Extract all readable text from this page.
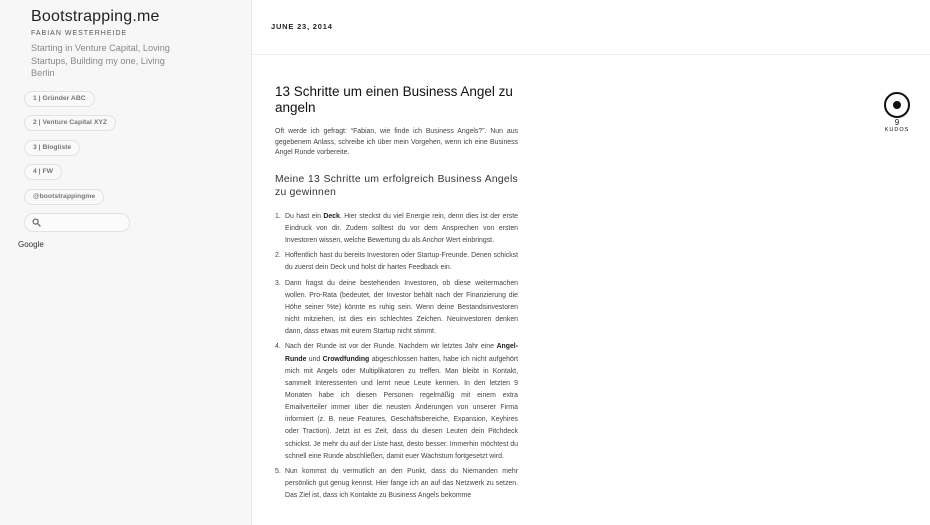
Bootstrapping.me
FABIAN WESTERHEIDE
Starting in Venture Capital, Loving Startups, Building my one, Living Berlin
1 | Gründer ABC
2 | Venture Capital XYZ
3 | Blogliste
4 | FW
@bootstrappingme
Google
JUNE 23, 2014
13 Schritte um einen Business Angel zu angeln

Oft werde ich gefragt: “Fabian, wie finde ich Business Angels?”. Nun aus gegebenem Anlass, schreibe ich über mein Vorgehen, wenn ich eine Business Angel Runde vorbereite.

Meine 13 Schritte um erfolgreich Business Angels zu gewinnen
1. Du hast ein Deck. Hier steckst du viel Energie rein, denn dies ist der erste Eindruck von dir. Zudem solltest du vor dem Ansprechen von ersten Investoren wissen, welche Bewertung du als Anchor Wert einbringst.
2. Hoffentlich hast du bereits Investoren oder Startup-Freunde. Denen schickst du zuerst dein Deck und holst dir hartes Feedback ein.
3. Dann fragst du deine bestehenden Investoren, ob diese weitermachen wollen. Pro-Rata (bedeutet, der Investor behält nach der Finanzierung die Höhe seiner %te) könnte es ruhig sein. Wenn deine Bestandsinvestoren nicht mitziehen, ist dies ein schlechtes Zeichen. Neuinvestoren denken dann, dass etwas mit eurem Startup nicht stimmt.
4. Nach der Runde ist vor der Runde. Nachdem wir letztes Jahr eine Angel-Runde und Crowdfunding abgeschlossen hatten, habe ich nicht aufgehört mich mit Angels oder Multiplikatoren zu treffen. Man bleibt in Kontakt, sammelt Interessenten und lernt neue Leute kennen. In den letzten 9 Monaten habe ich diesen Personen regelmäßig mit einem extra Emailverteiler immer über die neusten Änderungen von unserer Firma informiert (z. B. neue Features, Geschäftsbereiche, Expansion, Keyhires oder Traction). Jetzt ist es Zeit, dass du diesen Leuten dein Pitchdeck schickst. Je mehr du auf der Liste hast, desto besser. Immerhin möchtest du schnell eine Runde abschließen, damit euer Wachstum fortgesetzt wird.
5. Nun kommst du vermutlich an den Punkt, dass du Niemanden mehr persönlich gut genug kennst. Hier fange ich an auf das Netzwerk zu setzen. Das Ziel ist, dass ich Kontakte zu Business Angels bekomme
9
KUDOS
